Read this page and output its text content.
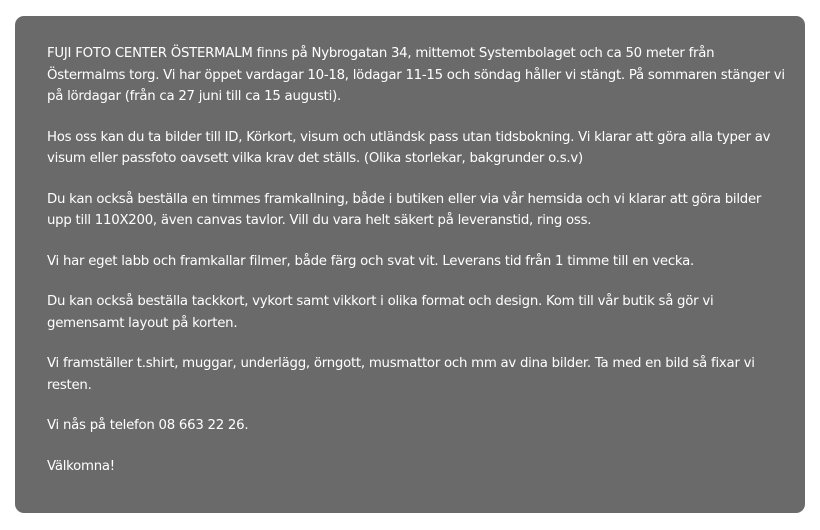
FUJI FOTO CENTER ÖSTERMALM finns på Nybrogatan 34, mittemot Systembolaget och ca 50 meter från Östermalms torg. Vi har öppet vardagar 10-18, lödagar 11-15 och söndag håller vi stängt. På sommaren stänger vi på lördagar (från ca 27 juni till ca 15 augusti).

Hos oss kan du ta bilder till ID, Körkort, visum och utländsk pass utan tidsbokning. Vi klarar att göra alla typer av visum eller passfoto oavsett vilka krav det ställs. (Olika storlekar, bakgrunder o.s.v)

Du kan också beställa en timmes framkallning, både i butiken eller via vår hemsida och vi klarar att göra bilder upp till 110X200, även canvas tavlor. Vill du vara helt säkert på leveranstid, ring oss.

Vi har eget labb och framkallar filmer, både färg och svat vit. Leverans tid från 1 timme till en vecka.

Du kan också beställa tackkort, vykort samt vikkort i olika format och design. Kom till vår butik så gör vi gemensamt layout på korten.

Vi framställer t.shirt, muggar, underlägg, örngott, musmattor och mm av dina bilder. Ta med en bild så fixar vi resten.

Vi nås på telefon 08 663 22 26.

Välkomna!
